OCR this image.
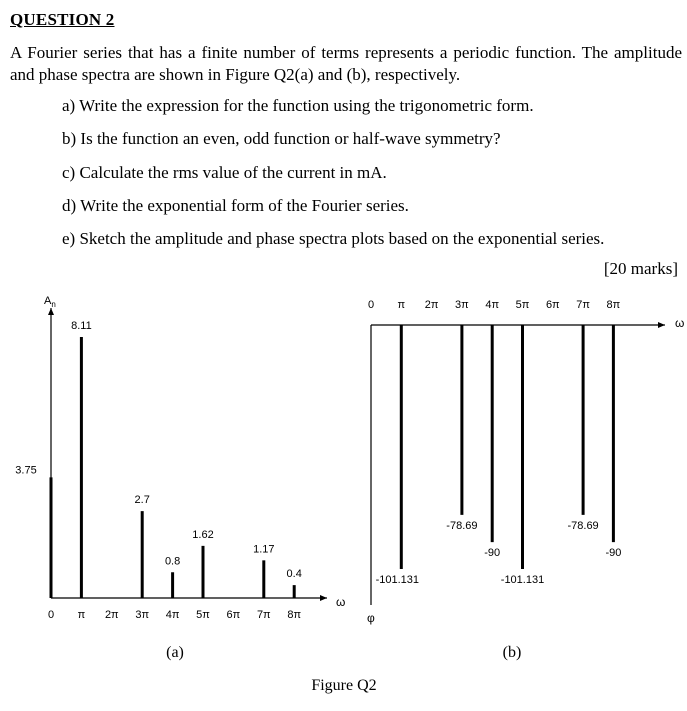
QUESTION 2
A Fourier series that has a finite number of terms represents a periodic function. The amplitude and phase spectra are shown in Figure Q2(a) and (b), respectively.
a) Write the expression for the function using the trigonometric form.
b) Is the function an even, odd function or half-wave symmetry?
c) Calculate the rms value of the current in mA.
d) Write the exponential form of the Fourier series.
e) Sketch the amplitude and phase spectra plots based on the exponential series.
[20 marks]
$A_n$
ω
3.75
8.11
2.7
0.8
1.62
1.17
0.4
0 π 2π 3π 4π 5π 6π 7π 8π
(a)
ω
φ
-101.131
-78.69
-90
-101.131
-78.69
-90
0 π 2π 3π 4π 5π 6π 7π 8π
(b)
Figure Q2
